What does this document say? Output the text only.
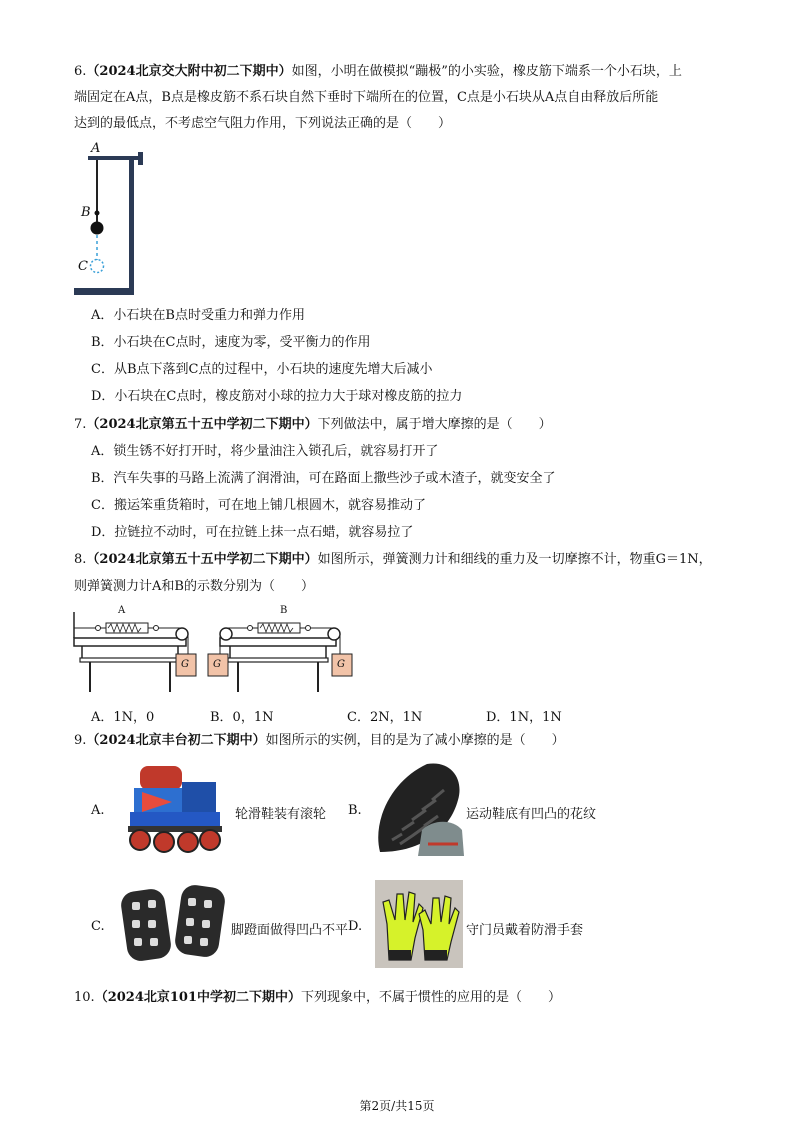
6.（2024北京交大附中初二下期中）如图，小明在做模拟“蹦极”的小实验，橡皮筋下端系一个小石块，上
端固定在A点，B点是橡皮筋不系石块自然下垂时下端所在的位置，C点是小石块从A点自由释放后所能
达到的最低点，不考虑空气阻力作用，下列说法正确的是（　　）
A
B
C
A．小石块在B点时受重力和弹力作用
B．小石块在C点时，速度为零，受平衡力的作用
C．从B点下落到C点的过程中，小石块的速度先增大后减小
D．小石块在C点时，橡皮筋对小球的拉力大于球对橡皮筋的拉力
7.（2024北京第五十五中学初二下期中）下列做法中，属于增大摩擦的是（　　）
A．锁生锈不好打开时，将少量油注入锁孔后，就容易打开了
B．汽车失事的马路上流满了润滑油，可在路面上撒些沙子或木渣子，就变安全了
C．搬运笨重货箱时，可在地上铺几根圆木，就容易推动了
D．拉链拉不动时，可在拉链上抹一点石蜡，就容易拉了
8.（2024北京第五十五中学初二下期中）如图所示，弹簧测力计和细线的重力及一切摩擦不计，物重G＝1N，
则弹簧测力计A和B的示数分别为（　　）
A	B
G G	G
A．1N，0	B．0，1N	C．2N，1N	D．1N，1N
9.（2024北京丰台初二下期中）如图所示的实例，目的是为了减小摩擦的是（　　）
A.	轮滑鞋装有滚轮 B.	运动鞋底有凹凸的花纹
C.	脚蹬面做得凹凸不平 D.	守门员戴着防滑手套
10.（2024北京101中学初二下期中）下列现象中，不属于惯性的应用的是（　　）
第2页/共15页
